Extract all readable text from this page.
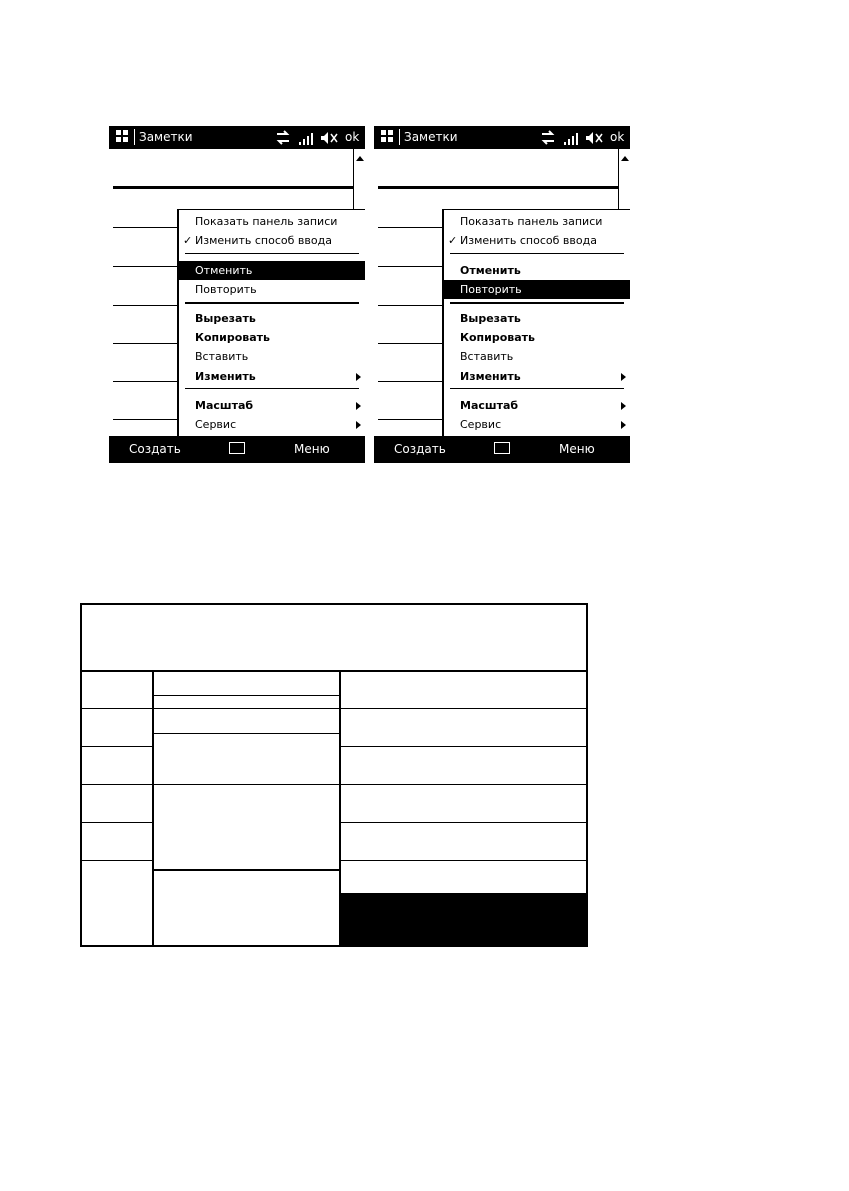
Заметки	ok
Показать панель записи
✓ Изменить способ ввода
Отменить
Повторить
Вырезать
Копировать
Вставить
Изменить
Масштаб
Сервис
Создать	Меню
Заметки	ok
Показать панель записи
✓ Изменить способ ввода
Отменить
Повторить
Вырезать
Копировать
Вставить
Изменить
Масштаб
Сервис
Создать	Меню
